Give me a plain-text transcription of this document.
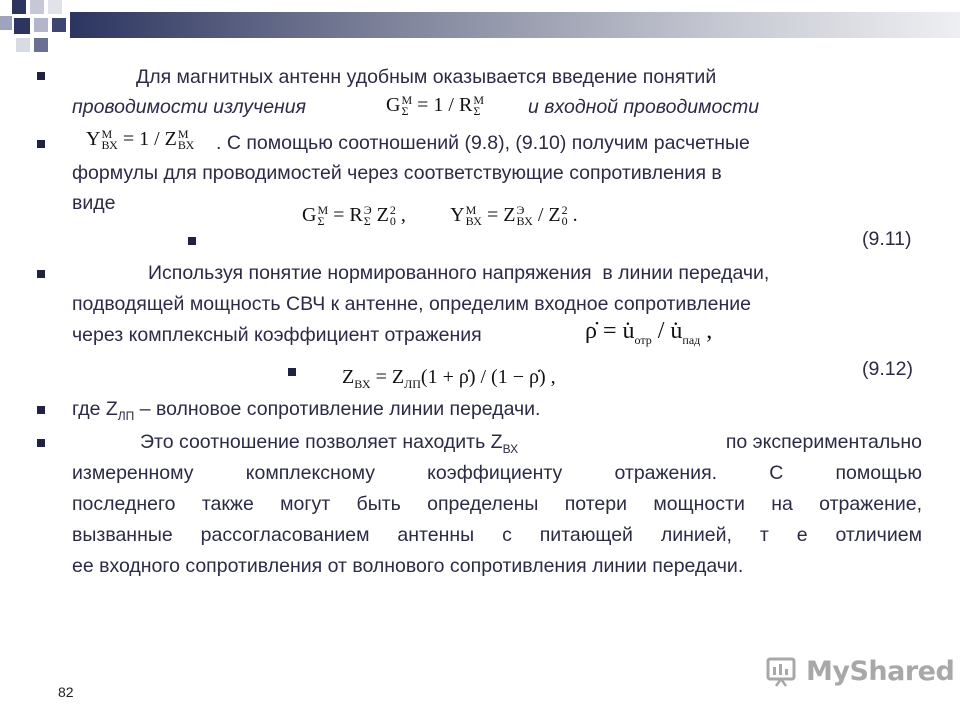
Для магнитных антенн удобным оказывается введение понятий
проводимости излучения	G M
Σ = 1 / R M
Σ и входной проводимости
Y M
ВХ = 1 / Z M
ВХ . С помощью соотношений (9.8), (9.10) получим расчетные
формулы для проводимостей через соответствующие сопротивления в
виде
G M
Σ = R Э
Σ Z 2
0 ,         Y M
ВХ = Z Э
ВХ / Z 2
0 .
(9.11)
Используя понятие нормированного напряжения  в линии передачи,
подводящей мощность СВЧ к антенне, определим входное сопротивление
через комплексный коэффициент отражения	ρ̇ = $u̇_{отр}$ / $u̇_{пад}$ ,
$Z_{ВХ} = Z_{ЛП}(1$ + ρ̇) / (1 − ρ̇) ,	(9.12)
где $Z_{ЛП}$ – волновое сопротивление линии передачи.
Это соотношение позволяет находить $Z_{ВХ}$	по экспериментально
измеренному комплексному коэффициенту отражения. С помощью
последнего также могут быть определены потери мощности на отражение,
вызванные рассогласованием антенны с питающей линией, т е отличием
ее входного сопротивления от волнового сопротивления линии передачи.
82
MyShared
